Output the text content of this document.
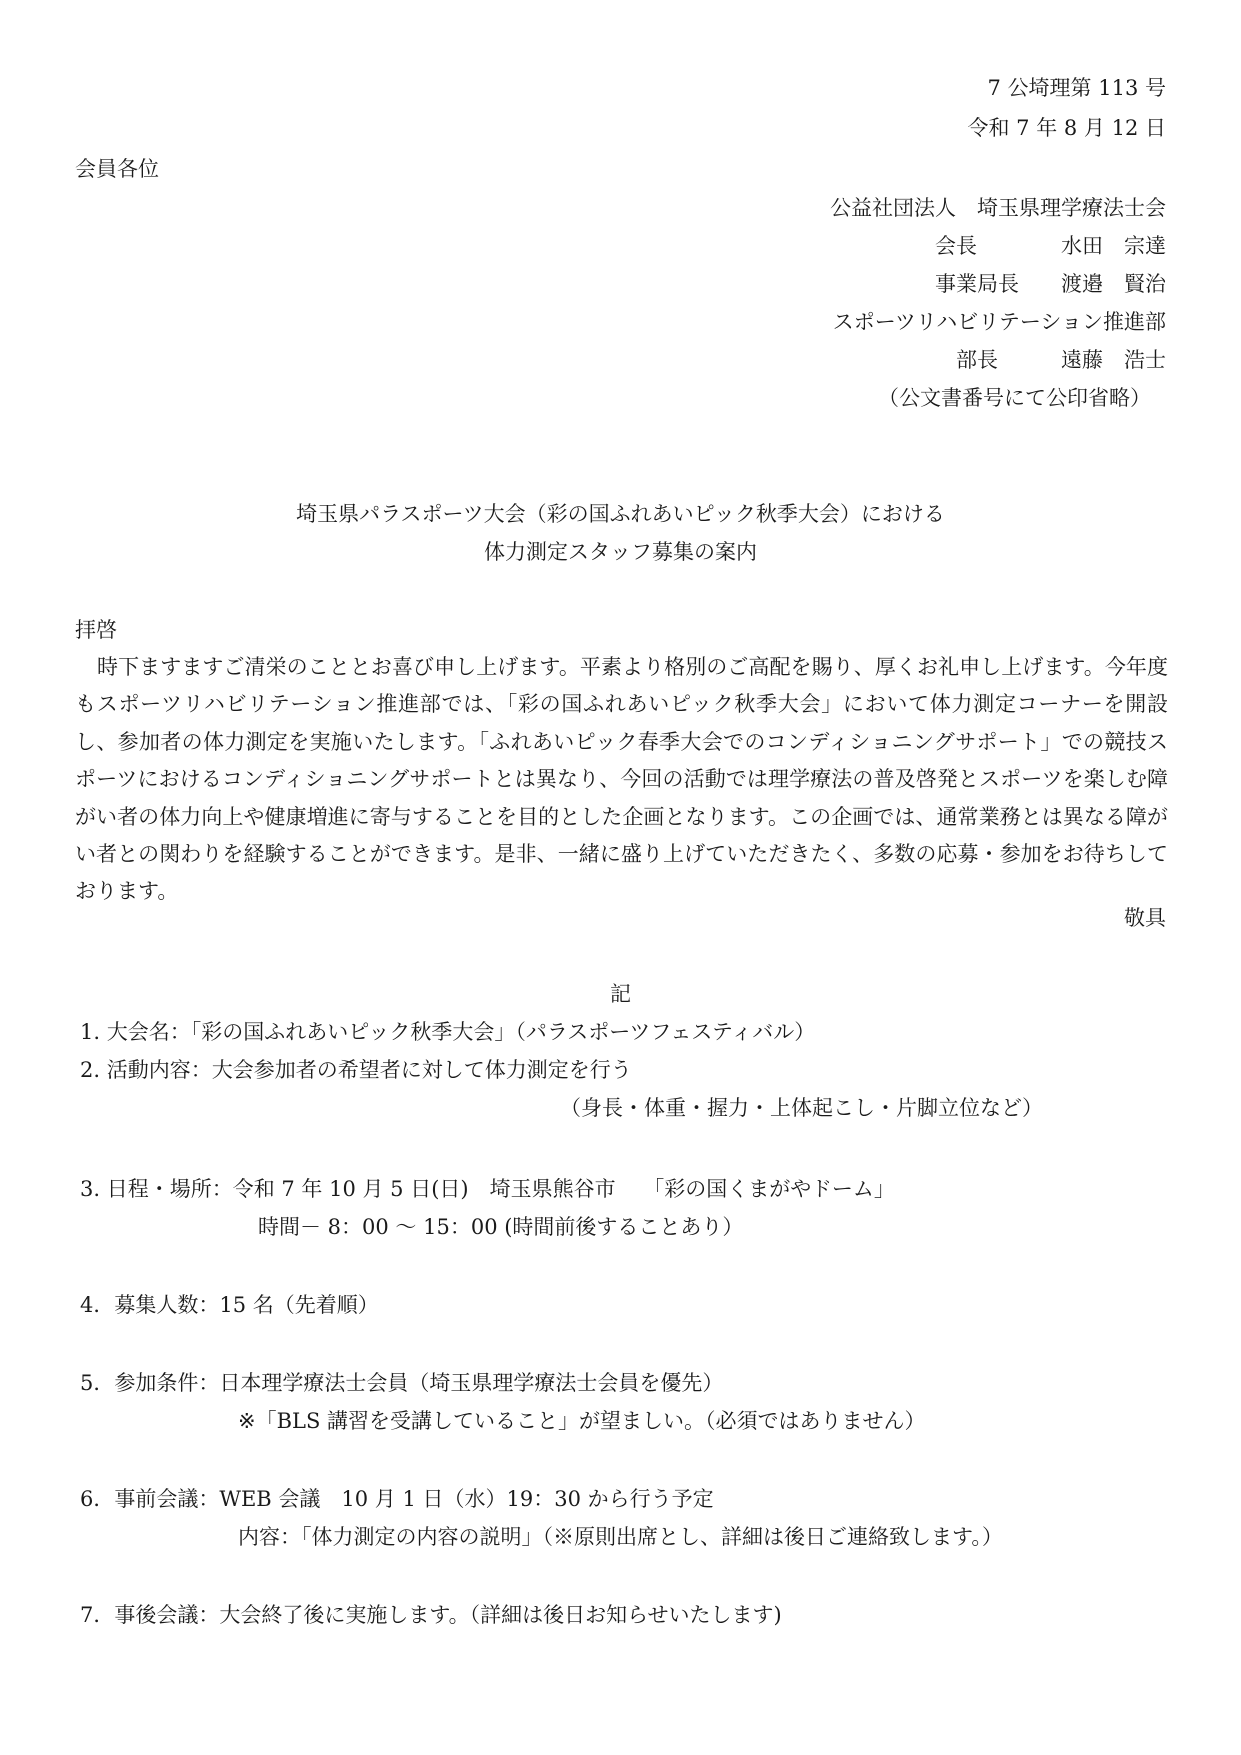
7 公埼理第 113 号
令和 7 年 8 月 12 日
会員各位
公益社団法人　埼玉県理学療法士会
会長　　　　水田　宗達
事業局長　　渡邉　賢治
スポーツリハビリテーション推進部
部長　　　遠藤　浩士
（公文書番号にて公印省略）
埼玉県パラスポーツ大会（彩の国ふれあいピック秋季大会）における
体力測定スタッフ募集の案内
拝啓
時下ますますご清栄のこととお喜び申し上げます。平素より格別のご高配を賜り、厚くお礼申し上げます。今年度もスポーツリハビリテーション推進部では、「彩の国ふれあいピック秋季大会」において体力測定コーナーを開設し、参加者の体力測定を実施いたします。「ふれあいピック春季大会でのコンディショニングサポート」での競技スポーツにおけるコンディショニングサポートとは異なり、今回の活動では理学療法の普及啓発とスポーツを楽しむ障がい者の体力向上や健康増進に寄与することを目的とした企画となります。この企画では、通常業務とは異なる障がい者との関わりを経験することができます。是非、一緒に盛り上げていただきたく、多数の応募・参加をお待ちしております。
敬具
記
1. 大会名：「彩の国ふれあいピック秋季大会」（パラスポーツフェスティバル）
2. 活動内容：大会参加者の希望者に対して体力測定を行う
（身長・体重・握力・上体起こし・片脚立位など）
3. 日程・場所：令和 7 年 10 月 5 日(日)　埼玉県熊谷市　 「彩の国くまがやドーム」
時間－ 8：00 ～ 15：00 (時間前後することあり）
4．募集人数：15 名（先着順）
5．参加条件：日本理学療法士会員（埼玉県理学療法士会員を優先）
※「BLS 講習を受講していること」が望ましい。（必須ではありません）
6．事前会議：WEB 会議　10 月 1 日（水）19：30 から行う予定
内容：「体力測定の内容の説明」（※原則出席とし、詳細は後日ご連絡致します。）
7．事後会議：大会終了後に実施します。（詳細は後日お知らせいたします)
